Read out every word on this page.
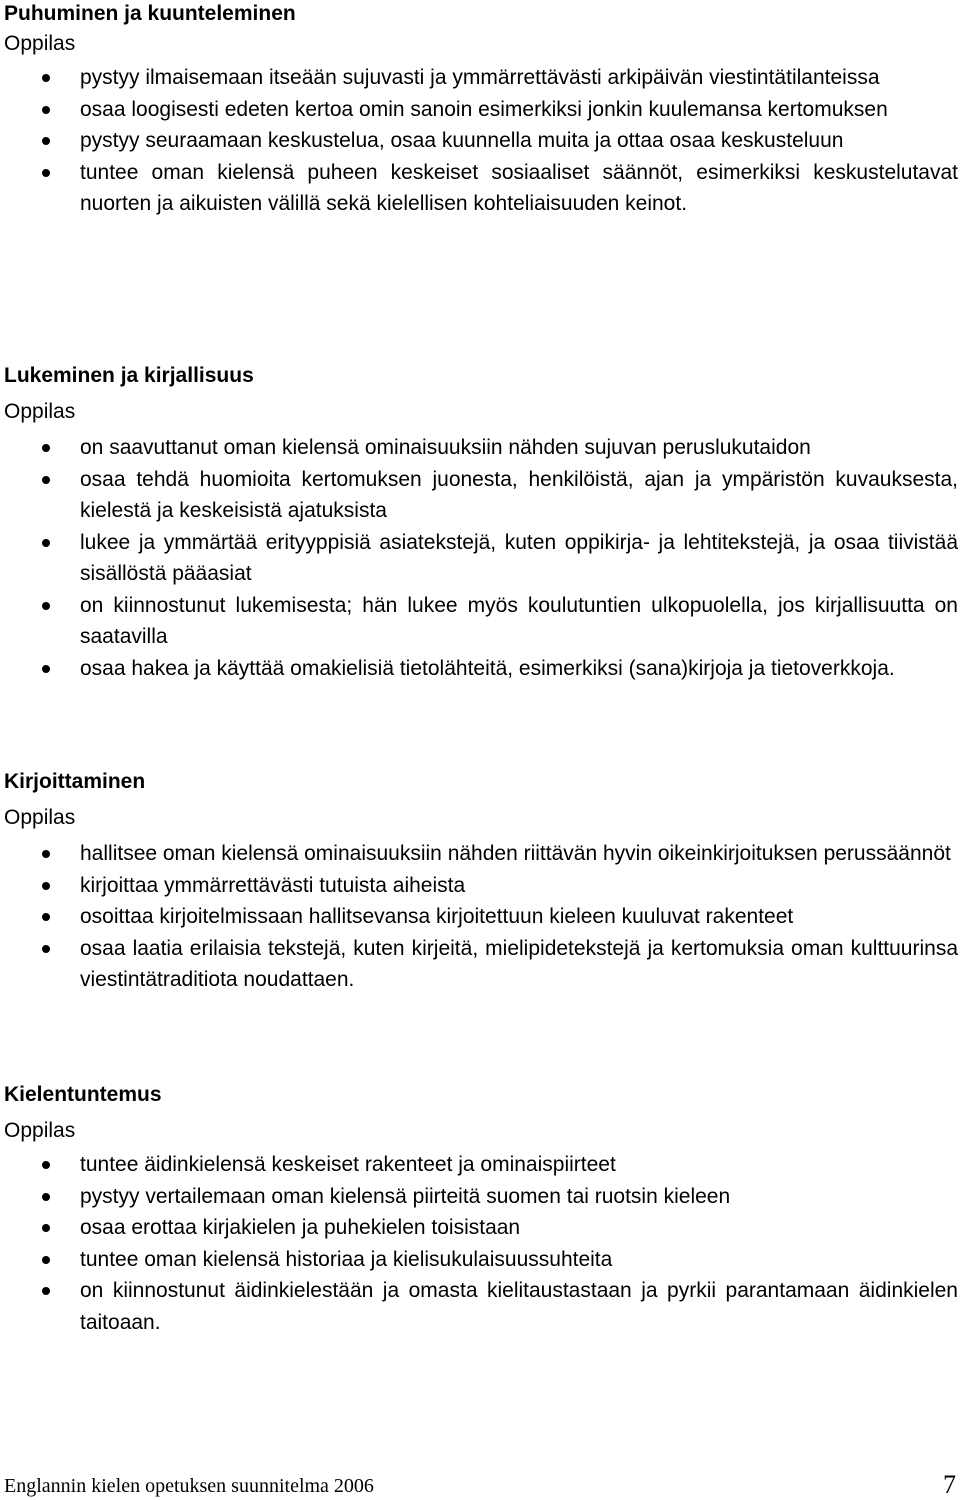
Puhuminen ja kuunteleminen
Oppilas
pystyy ilmaisemaan itseään sujuvasti ja ymmärrettävästi arkipäivän viestintätilanteissa
osaa loogisesti edeten kertoa omin sanoin esimerkiksi jonkin kuulemansa kertomuksen
pystyy seuraamaan keskustelua, osaa kuunnella muita ja ottaa osaa keskusteluun
tuntee oman kielensä puheen keskeiset sosiaaliset säännöt, esimerkiksi keskustelutavat nuorten ja aikuisten välillä sekä kielellisen kohteliaisuuden keinot.
Lukeminen ja kirjallisuus
Oppilas
on saavuttanut oman kielensä ominaisuuksiin nähden sujuvan peruslukutaidon
osaa tehdä huomioita kertomuksen juonesta, henkilöistä, ajan ja ympäristön kuvauksesta, kielestä ja keskeisistä ajatuksista
lukee ja ymmärtää erityyppisiä asiatekstejä, kuten oppikirja- ja lehtitekstejä, ja osaa tiivistää sisällöstä pääasiat
on kiinnostunut lukemisesta; hän lukee myös koulutuntien ulkopuolella, jos kirjallisuutta on saatavilla
osaa hakea ja käyttää omakielisiä tietolähteitä, esimerkiksi (sana)kirjoja ja tietoverkkoja.
Kirjoittaminen
Oppilas
hallitsee oman kielensä ominaisuuksiin nähden riittävän hyvin oikeinkirjoituksen perussäännöt
kirjoittaa ymmärrettävästi tutuista aiheista
osoittaa kirjoitelmissaan hallitsevansa kirjoitettuun kieleen kuuluvat rakenteet
osaa laatia erilaisia tekstejä, kuten kirjeitä, mielipidetekstejä ja kertomuksia oman kulttuurinsa viestintätraditiota noudattaen.
Kielentuntemus
Oppilas
tuntee äidinkielensä keskeiset rakenteet ja ominaispiirteet
pystyy vertailemaan oman kielensä piirteitä suomen tai ruotsin kieleen
osaa erottaa kirjakielen ja puhekielen toisistaan
tuntee oman kielensä historiaa ja kielisukulaisuussuhteita
on kiinnostunut äidinkielestään ja omasta kielitaustastaan ja pyrkii parantamaan äidinkielen taitoaan.
Englannin kielen opetuksen suunnitelma 2006	7
